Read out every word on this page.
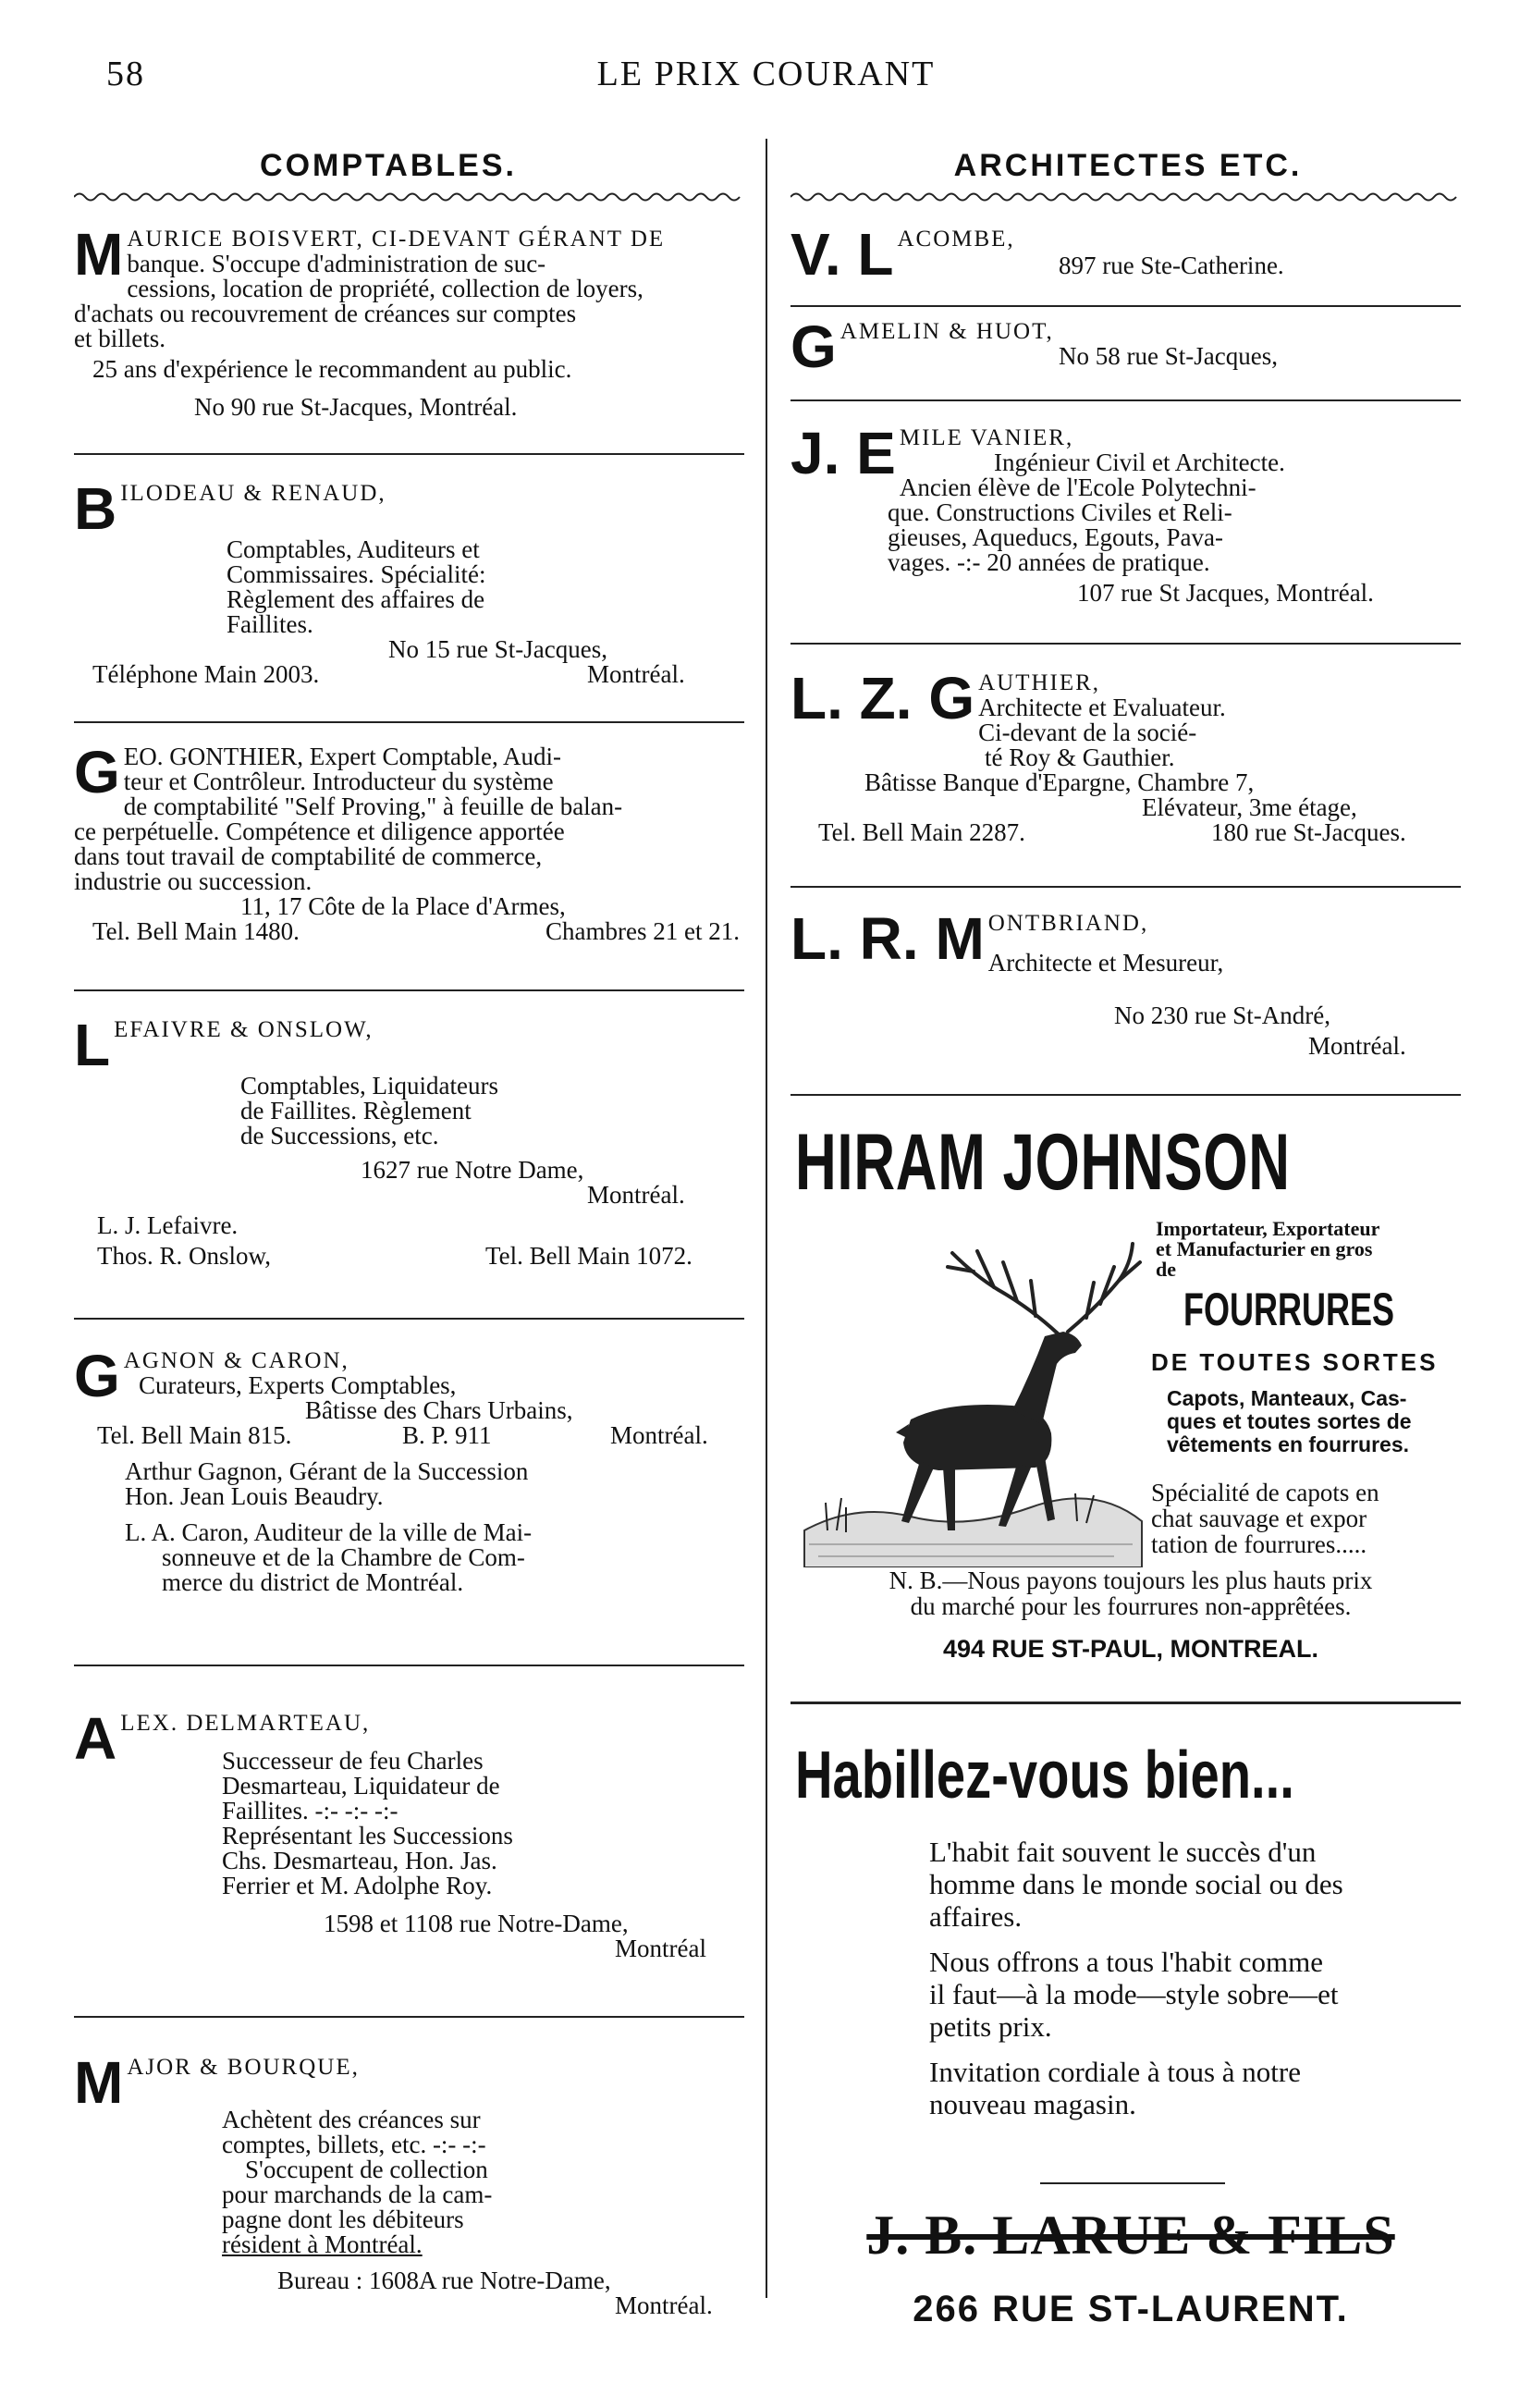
58	LE PRIX COURANT
COMPTABLES.
M AURICE BOISVERT, CI-DEVANT GÉRANT DE
banque. S'occupe d'administration de suc-
cessions, location de propriété, collection de loyers,
d'achats ou recouvrement de créances sur comptes
et billets.
25 ans d'expérience le recommandent au public.
No 90 rue St-Jacques, Montréal.
B ILODEAU & RENAUD,
Comptables, Auditeurs et
Commissaires. Spécialité:
Règlement des affaires de
Faillites.
No 15 rue St-Jacques,
Téléphone Main 2003.	Montréal.
G EO. GONTHIER, Expert Comptable, Audi-
teur et Contrôleur. Introducteur du système
de comptabilité "Self Proving," à feuille de balan-
ce perpétuelle. Compétence et diligence apportée
dans tout travail de comptabilité de commerce,
industrie ou succession.
11, 17 Côte de la Place d'Armes,
Tel. Bell Main 1480.	Chambres 21 et 21.
L EFAIVRE & ONSLOW,
Comptables, Liquidateurs
de Faillites. Règlement
de Successions, etc.
1627 rue Notre Dame,
Montréal.
L. J. Lefaivre.
Thos. R. Onslow,	Tel. Bell Main 1072.
G AGNON & CARON,
Curateurs, Experts Comptables,
Bâtisse des Chars Urbains,
Tel. Bell Main 815.	B. P. 911	Montréal.
Arthur Gagnon, Gérant de la Succession
Hon. Jean Louis Beaudry.
L. A. Caron, Auditeur de la ville de Mai-
sonneuve et de la Chambre de Com-
merce du district de Montréal.
A LEX. DELMARTEAU,
Successeur de feu Charles
Desmarteau, Liquidateur de
Faillites. -:- -:- -:-
Représentant les Successions
Chs. Desmarteau, Hon. Jas.
Ferrier et M. Adolphe Roy.
1598 et 1108 rue Notre-Dame,
Montréal
M AJOR & BOURQUE,
Achètent des créances sur
comptes, billets, etc. -:- -:-
S'occupent de collection
pour marchands de la cam-
pagne dont les débiteurs
résident à Montréal.
Bureau : 1608A rue Notre-Dame,
Montréal.
ARCHITECTES ETC.
V. L ACOMBE,
897 rue Ste-Catherine.
G AMELIN & HUOT,
No 58 rue St-Jacques,
J. E MILE VANIER,
Ingénieur Civil et Architecte.
Ancien élève de l'Ecole Polytechni-
que. Constructions Civiles et Reli-
gieuses, Aqueducs, Egouts, Pava-
vages. -:- 20 années de pratique.
107 rue St Jacques, Montréal.
L. Z. G AUTHIER,
Architecte et Evaluateur.
Ci-devant de la socié-
té Roy & Gauthier.
Bâtisse Banque d'Epargne, Chambre 7,
Elévateur, 3me étage,
Tel. Bell Main 2287.	180 rue St-Jacques.
L. R. M ONTBRIAND,
Architecte et Mesureur,
No 230 rue St-André,
Montréal.
HIRAM JOHNSON
Importateur, Exportateur
et Manufacturier en gros
de
FOURRURES
DE TOUTES SORTES
Capots, Manteaux, Cas-
ques et toutes sortes de
vêtements en fourrures.
Spécialité de capots en
chat sauvage et expor
tation de fourrures.....
N. B.—Nous payons toujours les plus hauts prix
du marché pour les fourrures non-apprêtées.
494 RUE ST-PAUL, MONTREAL.
Habillez-vous bien...
L'habit fait souvent le succès d'un
homme dans le monde social ou des
affaires.
Nous offrons a tous l'habit comme
il faut—à la mode—style sobre—et
petits prix.
Invitation cordiale à tous à notre
nouveau magasin.
J. B. LARUE & FILS
266 RUE ST-LAURENT.
